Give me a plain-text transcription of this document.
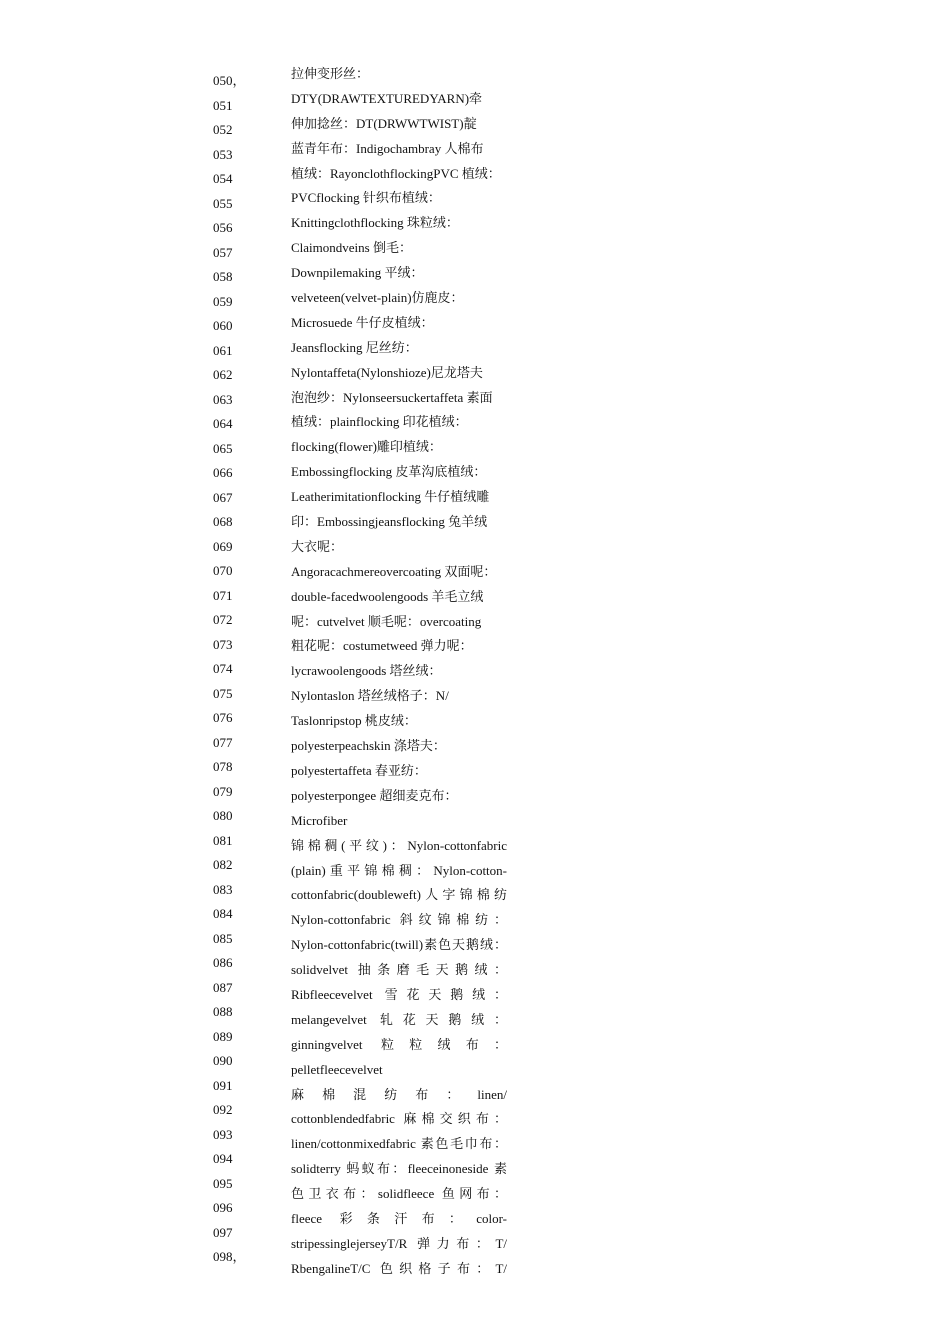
050，
051
052
053
054
055
056
057
058
059
060
061
062
063
064
065
066
067
068
069
070
071
072
073
074
075
076
077
078
079
080
081
082
083
084
085
086
087
088
089
090
091
092
093
094
095
096
097
098，
拉伸变形丝：
DTY(DRAWTEXTUREDYARN)牵
伸加捻丝：DT(DRWWTWIST)靛
蓝青年布：Indigochambray 人棉布
植绒：RayonclothflockingPVC 植绒：
PVCflocking 针织布植绒：
Knittingclothflocking 珠粒绒：
Claimondveins 倒毛：
Downpilemaking 平绒：
velveteen(velvet-plain)仿鹿皮：
Microsuede 牛仔皮植绒：
Jeansflocking 尼丝纺：
Nylontaffeta(Nylonshioze)尼龙塔夫
泡泡纱：Nylonseersuckertaffeta 素面
植绒：plainflocking 印花植绒：
flocking(flower)雕印植绒：
Embossingflocking 皮革沟底植绒：
Leatherimitationflocking 牛仔植绒雕
印：Embossingjeansflocking 兔羊绒
大衣呢：
Angoracachmereovercoating 双面呢：
double-facedwoolengoods 羊毛立绒
呢：cutvelvet 顺毛呢：overcoating
粗花呢：costumetweed 弹力呢：
lycrawoolengoods 塔丝绒：
Nylontaslon 塔丝绒格子：N/
Taslonripstop 桃皮绒：
polyesterpeachskin 涤塔夫：
polyestertaffeta 春亚纺：
polyesterpongee 超细麦克布：
Microfiber
锦棉稠(平纹)：Nylon-cottonfabric
(plain)重平锦棉稠：Nylon-cotton-
cottonfabric(doubleweft)人字锦棉纺
Nylon-cottonfabric 斜纹锦棉纺：
Nylon-cottonfabric(twill)素色天鹅绒：
solidvelvet 抽条磨毛天鹅绒：
Ribfleecevelvet 雪花天鹅绒：
melangevelvet 轧花天鹅绒：
ginningvelvet 粒粒绒布：
pelletfleecevelvet
麻棉混纺布：linen/
cottonblendedfabric 麻棉交织布：
linen/cottonmixedfabric 素色毛巾布：
solidterry 蚂蚁布：fleeceinoneside 素
色卫衣布：solidfleece 鱼网布：
fleece 彩条汗布：color-
stripessinglejerseyT/R 弹力布：T/
RbengalineT/C 色织格子布：T/
